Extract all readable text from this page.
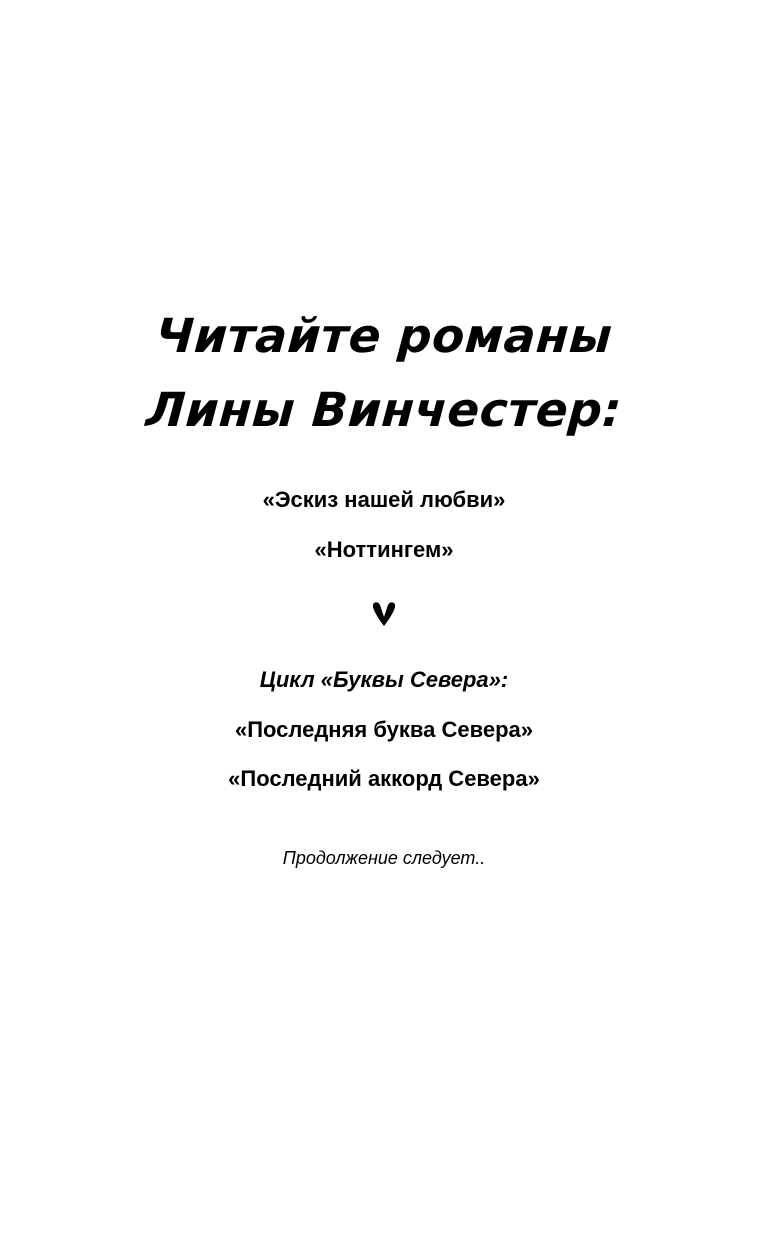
Читайте романы
Лины Винчестер:
«Эскиз нашей любви»
«Ноттингем»
Цикл «Буквы Севера»:
«Последняя буква Севера»
«Последний аккорд Севера»
Продолжение следует..
